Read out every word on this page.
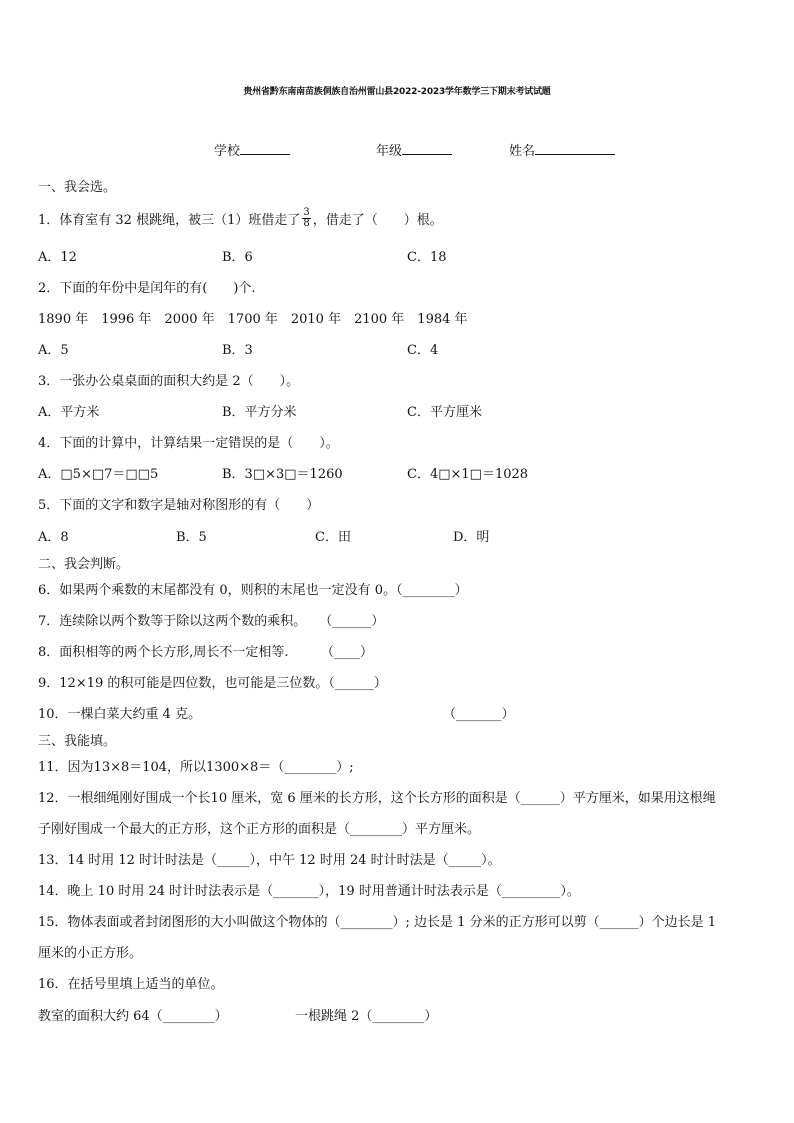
贵州省黔东南南苗族侗族自治州雷山县2022-2023学年数学三下期末考试试题
学校	年级	姓名
一、我会选。
1．体育室有 32 根跳绳，被三（1）班借走了 $\frac{3}{8}$ ，借走了（　　）根。
A．12	B．6	C．18
2．下面的年份中是闰年的有(　　)个.
1890 年　1996 年　2000 年　1700 年　2010 年　2100 年　1984 年
A．5	B．3	C．4
3．一张办公桌桌面的面积大约是 2（　　）。
A．平方米	B．平方分米	C．平方厘米
4．下面的计算中，计算结果一定错误的是（　　）。
A．□5×□7＝□□5	B．3□×3□＝1260	C．4□×1□＝1028
5．下面的文字和数字是轴对称图形的有（　　）
A．8	B．5	C．田	D．明
二、我会判断。
6．如果两个乘数的末尾都没有 0，则积的末尾也一定没有 0。（________）
7．连续除以两个数等于除以这两个数的乘积。　　（______）
8．面积相等的两个长方形,周长不一定相等.　　　（____）
9．12×19 的积可能是四位数，也可能是三位数。（______）
10．一棵白菜大约重 4 克。	（_______）
三、我能填。
11．因为13×8＝104，所以1300×8＝（________）;
12．一根细绳刚好围成一个长10 厘米，宽 6 厘米的长方形，这个长方形的面积是（______）平方厘米，如果用这根绳
子刚好围成一个最大的正方形，这个正方形的面积是（________）平方厘米。
13．14 时用 12 时计时法是（_____），中午 12 时用 24 时计时法是（_____）。
14．晚上 10 时用 24 时计时法表示是（_______），19 时用普通计时法表示是（_________）。
15．物体表面或者封闭图形的大小叫做这个物体的（________）; 边长是 1 分米的正方形可以剪（______）个边长是 1
厘米的小正方形。
16．在括号里填上适当的单位。
教室的面积大约 64（________）	一根跳绳 2（________）
